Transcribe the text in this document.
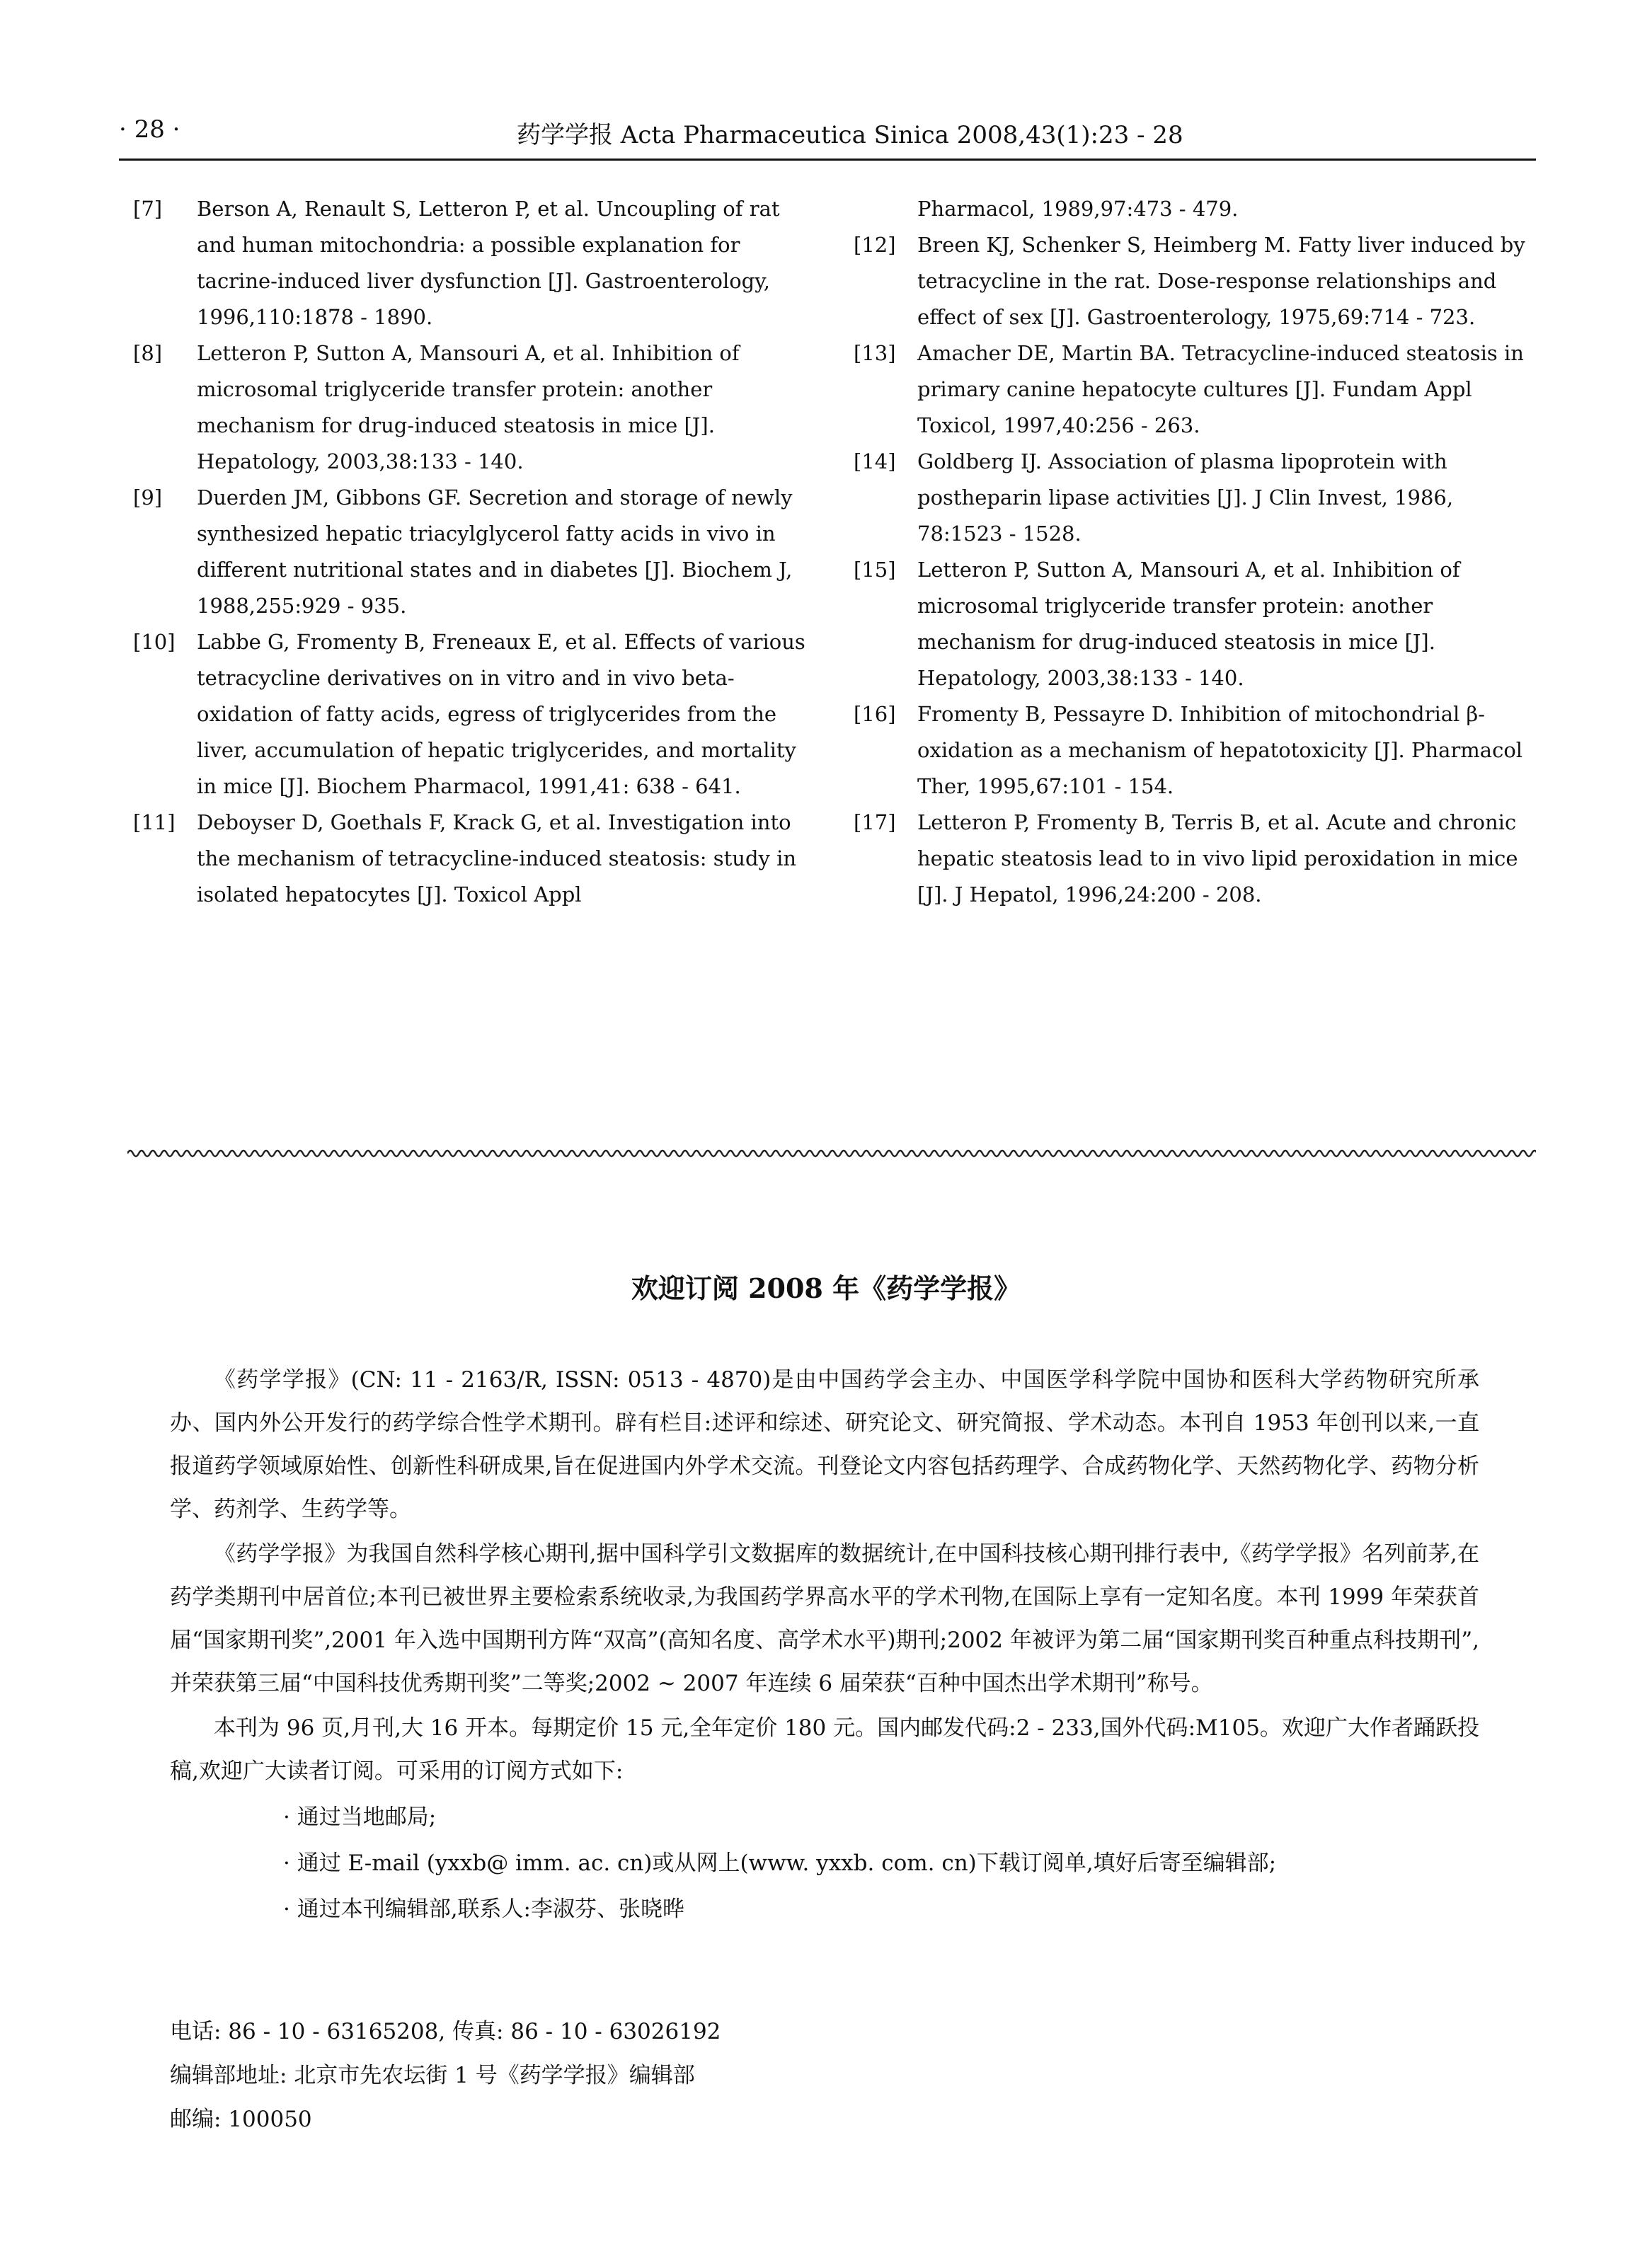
· 28 ·	药学学报 Acta Pharmaceutica Sinica 2008,43(1):23 - 28
[7] Berson A, Renault S, Letteron P, et al. Uncoupling of rat and human mitochondria: a possible explanation for tacrine-induced liver dysfunction [J]. Gastroenterology, 1996,110:1878 - 1890.
[8] Letteron P, Sutton A, Mansouri A, et al. Inhibition of microsomal triglyceride transfer protein: another mechanism for drug-induced steatosis in mice [J]. Hepatology, 2003,38:133 - 140.
[9] Duerden JM, Gibbons GF. Secretion and storage of newly synthesized hepatic triacylglycerol fatty acids in vivo in different nutritional states and in diabetes [J]. Biochem J, 1988,255:929 - 935.
[10] Labbe G, Fromenty B, Freneaux E, et al. Effects of various tetracycline derivatives on in vitro and in vivo beta-oxidation of fatty acids, egress of triglycerides from the liver, accumulation of hepatic triglycerides, and mortality in mice [J]. Biochem Pharmacol, 1991,41: 638 - 641.
[11] Deboyser D, Goethals F, Krack G, et al. Investigation into the mechanism of tetracycline-induced steatosis: study in isolated hepatocytes [J]. Toxicol Appl
Pharmacol, 1989,97:473 - 479.
[12] Breen KJ, Schenker S, Heimberg M. Fatty liver induced by tetracycline in the rat. Dose-response relationships and effect of sex [J]. Gastroenterology, 1975,69:714 - 723.
[13] Amacher DE, Martin BA. Tetracycline-induced steatosis in primary canine hepatocyte cultures [J]. Fundam Appl Toxicol, 1997,40:256 - 263.
[14] Goldberg IJ. Association of plasma lipoprotein with postheparin lipase activities [J]. J Clin Invest, 1986, 78:1523 - 1528.
[15] Letteron P, Sutton A, Mansouri A, et al. Inhibition of microsomal triglyceride transfer protein: another mechanism for drug-induced steatosis in mice [J]. Hepatology, 2003,38:133 - 140.
[16] Fromenty B, Pessayre D. Inhibition of mitochondrial β-oxidation as a mechanism of hepatotoxicity [J]. Pharmacol Ther, 1995,67:101 - 154.
[17] Letteron P, Fromenty B, Terris B, et al. Acute and chronic hepatic steatosis lead to in vivo lipid peroxidation in mice [J]. J Hepatol, 1996,24:200 - 208.
欢迎订阅 2008 年《药学学报》

《药学学报》(CN: 11 - 2163/R, ISSN: 0513 - 4870)是由中国药学会主办、中国医学科学院中国协和医科大学药物研究所承办、国内外公开发行的药学综合性学术期刊。辟有栏目:述评和综述、研究论文、研究简报、学术动态。本刊自 1953 年创刊以来,一直报道药学领域原始性、创新性科研成果,旨在促进国内外学术交流。刊登论文内容包括药理学、合成药物化学、天然药物化学、药物分析学、药剂学、生药学等。

《药学学报》为我国自然科学核心期刊,据中国科学引文数据库的数据统计,在中国科技核心期刊排行表中,《药学学报》名列前茅,在药学类期刊中居首位;本刊已被世界主要检索系统收录,为我国药学界高水平的学术刊物,在国际上享有一定知名度。本刊 1999 年荣获首届“国家期刊奖”,2001 年入选中国期刊方阵“双高”(高知名度、高学术水平)期刊;2002 年被评为第二届“国家期刊奖百种重点科技期刊”,并荣获第三届“中国科技优秀期刊奖”二等奖;2002 ~ 2007 年连续 6 届荣获“百种中国杰出学术期刊”称号。

本刊为 96 页,月刊,大 16 开本。每期定价 15 元,全年定价 180 元。国内邮发代码:2 - 233,国外代码:M105。欢迎广大作者踊跃投稿,欢迎广大读者订阅。可采用的订阅方式如下:

· 通过当地邮局;
· 通过 E-mail (yxxb@ imm. ac. cn)或从网上(www. yxxb. com. cn)下载订阅单,填好后寄至编辑部;
· 通过本刊编辑部,联系人:李淑芬、张晓晔
电话: 86 - 10 - 63165208, 传真: 86 - 10 - 63026192
编辑部地址: 北京市先农坛街 1 号《药学学报》编辑部
邮编: 100050
